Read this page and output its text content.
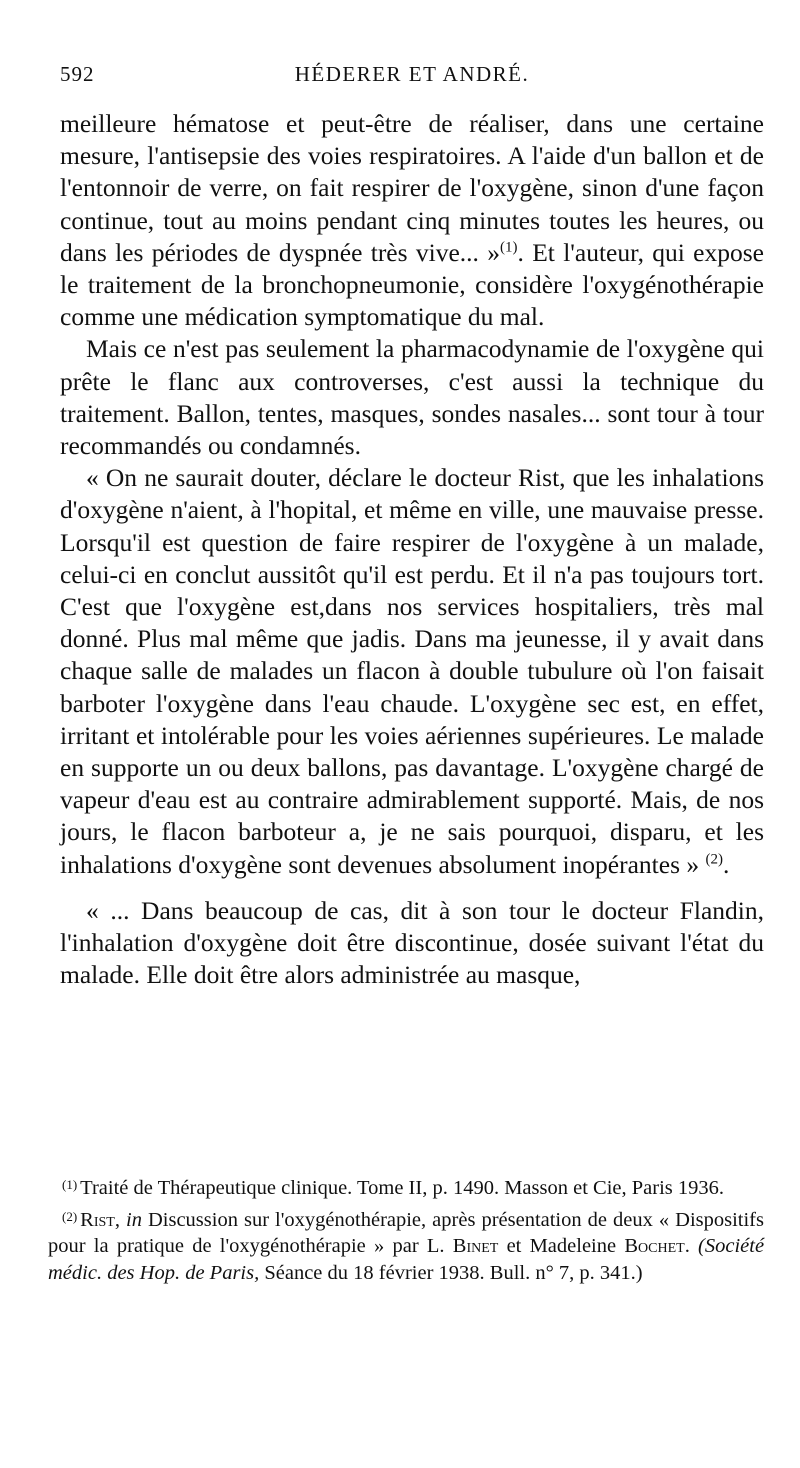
592	HÉDERER ET ANDRÉ.

meilleure hématose et peut-être de réaliser, dans une certaine mesure, l'antisepsie des voies respiratoires. A l'aide d'un ballon et de l'entonnoir de verre, on fait respirer de l'oxygène, sinon d'une façon continue, tout au moins pendant cinq minutes toutes les heures, ou dans les périodes de dyspnée très vive... »$^{(1)}$. Et l'auteur, qui expose le traitement de la bronchopneumonie, considère l'oxygénothérapie comme une médication symptomatique du mal.

Mais ce n'est pas seulement la pharmacodynamie de l'oxygène qui prête le flanc aux controverses, c'est aussi la technique du traitement. Ballon, tentes, masques, sondes nasales... sont tour à tour recommandés ou condamnés.

« On ne saurait douter, déclare le docteur Rist, que les inhalations d'oxygène n'aient, à l'hopital, et même en ville, une mauvaise presse. Lorsqu'il est question de faire respirer de l'oxygène à un malade, celui-ci en conclut aussitôt qu'il est perdu. Et il n'a pas toujours tort. C'est que l'oxygène est,dans nos services hospitaliers, très mal donné. Plus mal même que jadis. Dans ma jeunesse, il y avait dans chaque salle de malades un flacon à double tubulure où l'on faisait barboter l'oxygène dans l'eau chaude. L'oxygène sec est, en effet, irritant et intolérable pour les voies aériennes supérieures. Le malade en supporte un ou deux ballons, pas davantage. L'oxygène chargé de vapeur d'eau est au contraire admirablement supporté. Mais, de nos jours, le flacon barboteur a, je ne sais pourquoi, disparu, et les inhalations d'oxygène sont devenues absolument inopérantes » $^{(2)}$.

« ... Dans beaucoup de cas, dit à son tour le docteur Flandin, l'inhalation d'oxygène doit être discontinue, dosée suivant l'état du malade. Elle doit être alors administrée au masque,

$^{(1)}$ Traité de Thérapeutique clinique. Tome II, p. 1490. Masson et Cie, Paris 1936.

$^{(2)}$ Rist, in Discussion sur l'oxygénothérapie, après présentation de deux « Dispositifs pour la pratique de l'oxygénothérapie » par L. Binet et Madeleine Bochet. (Société médic. des Hop. de Paris, Séance du 18 février 1938. Bull. n° 7, p. 341.)
